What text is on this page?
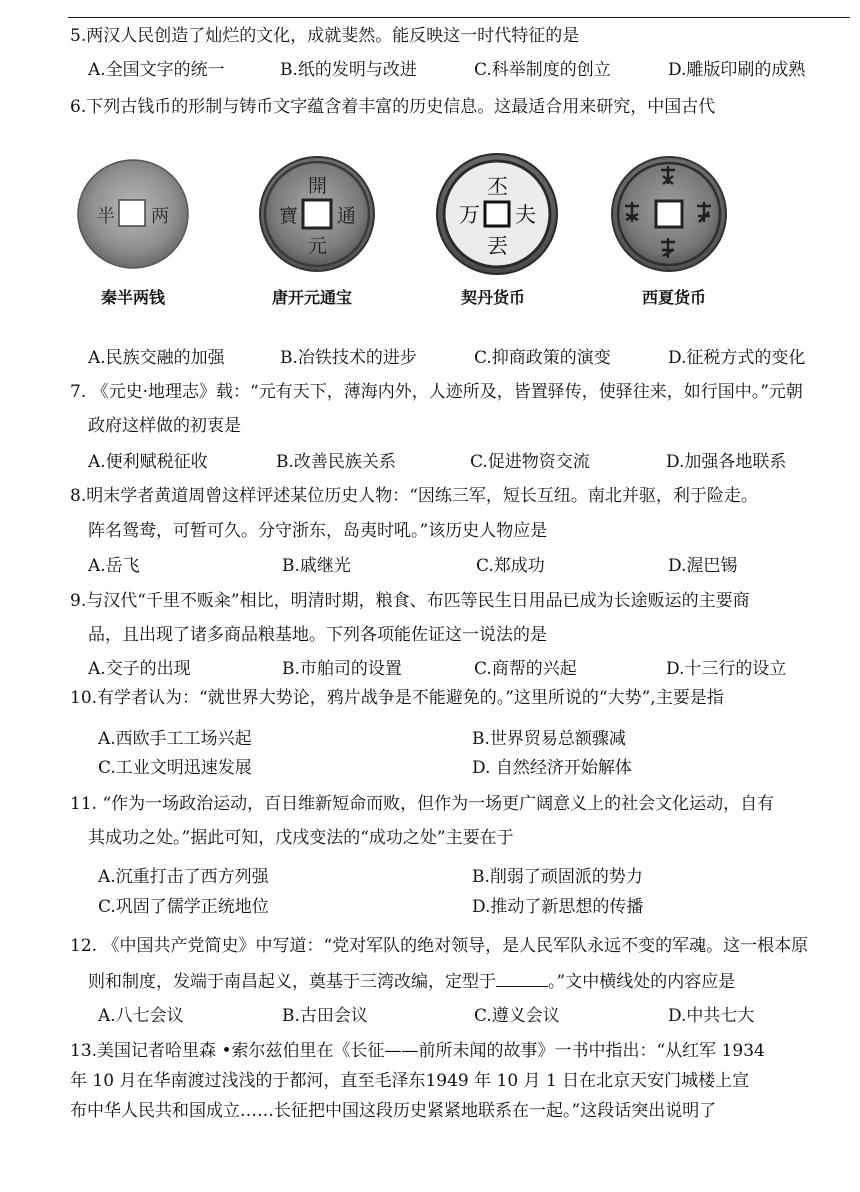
5.两汉人民创造了灿烂的文化，成就斐然。能反映这一时代特征的是
A.全国文字的统一	B.纸的发明与改进	C.科举制度的创立	D.雕版印刷的成熟
6.下列古钱币的形制与铸币文字蕴含着丰富的历史信息。这最适合用来研究，中国古代
半 两
秦半两钱
開
元
通
寶
唐开元通宝
丕
夫
万
丟
契丹货币	西夏货币
A.民族交融的加强	B.冶铁技术的进步	C.抑商政策的演变	D.征税方式的变化
7. 《元史·地理志》载：“元有天下，薄海内外，人迹所及，皆置驿传，使驿往来，如行国中。”元朝
政府这样做的初衷是
A.便利赋税征收	B.改善民族关系	C.促进物资交流	D.加强各地联系
8.明末学者黄道周曾这样评述某位历史人物：“因练三军，短长互纽。南北并驱，利于险走。
阵名鸳鸯，可暂可久。分守浙东，岛夷时吼。”该历史人物应是
A.岳飞	B.戚继光	C.郑成功	D.渥巴锡
9.与汉代“千里不贩籴”相比，明清时期，粮食、布匹等民生日用品已成为长途贩运的主要商
品，且出现了诸多商品粮基地。下列各项能佐证这一说法的是
A.交子的出现	B.市舶司的设置	C.商帮的兴起	D.十三行的设立
10.有学者认为：“就世界大势论，鸦片战争是不能避免的。”这里所说的“大势”,主要是指
A.西欧手工工场兴起	B.世界贸易总额骤减
C.工业文明迅速发展	D. 自然经济开始解体
11. “作为一场政治运动，百日维新短命而败，但作为一场更广阔意义上的社会文化运动，自有
其成功之处。”据此可知，戊戌变法的“成功之处”主要在于
A.沉重打击了西方列强	B.削弱了顽固派的势力
C.巩固了儒学正统地位	D.推动了新思想的传播
12. 《中国共产党简史》中写道：“党对军队的绝对领导，是人民军队永远不变的军魂。这一根本原
则和制度，发端于南昌起义，奠基于三湾改编，定型于	。”文中横线处的内容应是
A.八七会议	B.古田会议	C.遵义会议	D.中共七大
13.美国记者哈里森 •索尔兹伯里在《长征——前所未闻的故事》一书中指出：“从红军 1934
年 10 月在华南渡过浅浅的于都河，直至毛泽东1949 年 10 月 1 日在北京天安门城楼上宣
布中华人民共和国成立……长征把中国这段历史紧紧地联系在一起。”这段话突出说明了
